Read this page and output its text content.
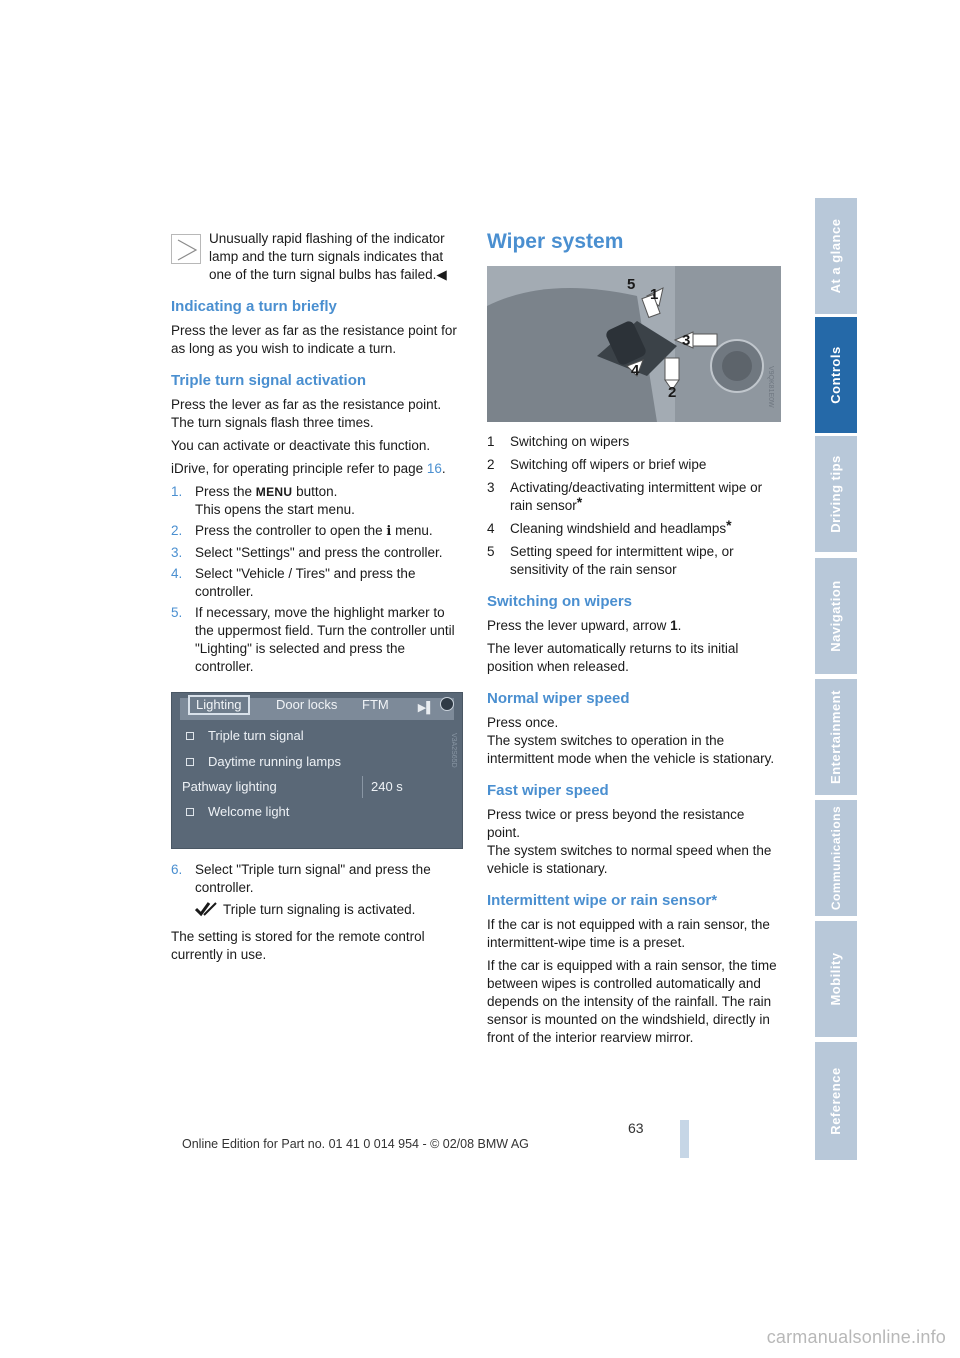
Unusually rapid flashing of the indicator lamp and the turn signals indicates that one of the turn signal bulbs has failed.◀
Indicating a turn briefly

Press the lever as far as the resistance point for as long as you wish to indicate a turn.

Triple turn signal activation

Press the lever as far as the resistance point. The turn signals flash three times.

You can activate or deactivate this function.

iDrive, for operating principle refer to page 16.

1. Press the MENU button.
This opens the start menu.
2. Press the controller to open the i menu.
3. Select "Settings" and press the controller.
4. Select "Vehicle / Tires" and press the controller.
5. If necessary, move the highlight marker to the uppermost field. Turn the controller until "Lighting" is selected and press the controller.
Lighting	Door locks FTM	▶▌
Triple turn signal
Daytime running lamps
Pathway lighting	240 s
Welcome light
V3A2S65D
6. Select "Triple turn signal" and press the controller.
Triple turn signaling is activated.

The setting is stored for the remote control currently in use.

Wiper system
5
1
3
4
2	V9QK81E0W
1 Switching on wipers
2 Switching off wipers or brief wipe
3 Activating/deactivating intermittent wipe or rain sensor*
4 Cleaning windshield and headlamps*
5 Setting speed for intermittent wipe, or sensitivity of the rain sensor
Switching on wipers

Press the lever upward, arrow 1.

The lever automatically returns to its initial position when released.

Normal wiper speed

Press once.
The system switches to operation in the intermittent mode when the vehicle is stationary.

Fast wiper speed

Press twice or press beyond the resistance point.
The system switches to normal speed when the vehicle is stationary.

Intermittent wipe or rain sensor*

If the car is not equipped with a rain sensor, the intermittent-wipe time is a preset.

If the car is equipped with a rain sensor, the time between wipes is controlled automatically and depends on the intensity of the rainfall. The rain sensor is mounted on the windshield, directly in front of the interior rearview mirror.

At a glance
Controls
Driving tips
Navigation
Entertainment
Communications
Mobility
Reference
63
Online Edition for Part no. 01 41 0 014 954 - © 02/08 BMW AG
carmanualsonline.info
